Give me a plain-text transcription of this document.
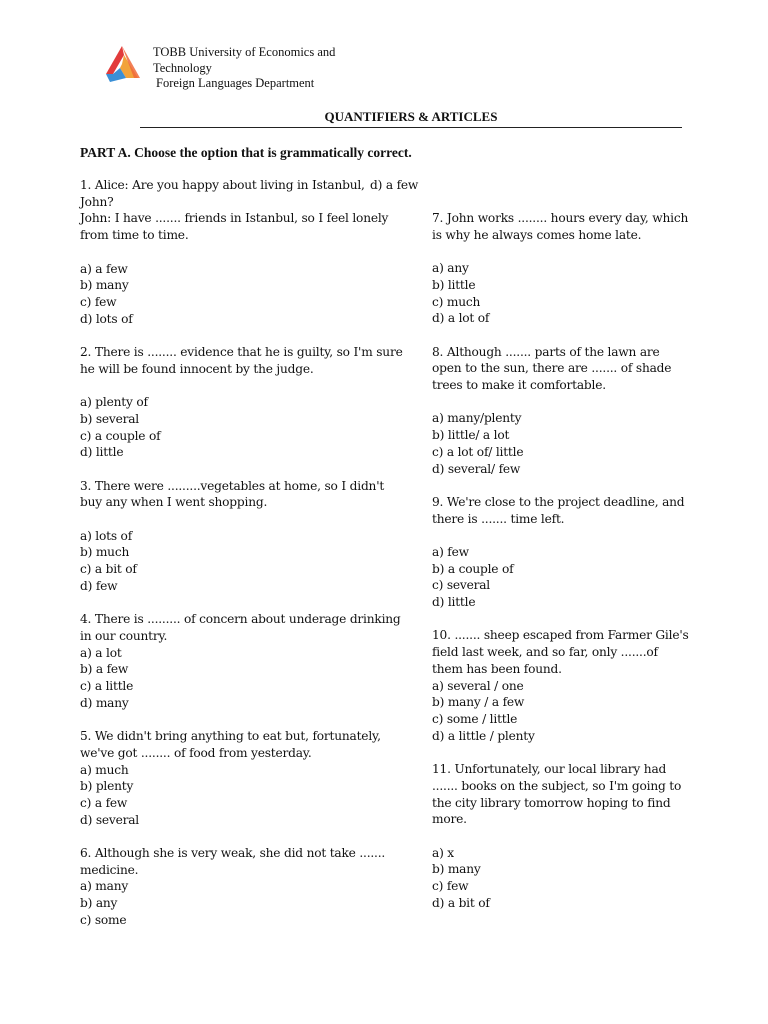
TOBB University of Economics and
Technology
Foreign Languages Department
QUANTIFIERS & ARTICLES
PART A. Choose the option that is grammatically correct.
d) a few
1. Alice: Are you happy about living in Istanbul,
John?
John: I have ....... friends in Istanbul, so I feel lonely
from time to time.
a) a few
b) many
c) few
d) lots of
2. There is ........ evidence that he is guilty, so I'm sure
he will be found innocent by the judge.
a) plenty of
b) several
c) a couple of
d) little
3. There were .........vegetables at home, so I didn't
buy any when I went shopping.
a) lots of
b) much
c) a bit of
d) few
4. There is ......... of concern about underage drinking
in our country.
a) a lot
b) a few
c) a little
d) many
5. We didn't bring anything to eat but, fortunately,
we've got ........ of food from yesterday.
a) much
b) plenty
c) a few
d) several
6. Although she is very weak, she did not take .......
medicine.
a) many
b) any
c) some
7. John works ........ hours every day, which
is why he always comes home late.
a) any
b) little
c) much
d) a lot of
8. Although ....... parts of the lawn are
open to the sun, there are ....... of shade
trees to make it comfortable.
a) many/plenty
b) little/ a lot
c) a lot of/ little
d) several/ few
9. We're close to the project deadline, and
there is ....... time left.
a) few
b) a couple of
c) several
d) little
10. ....... sheep escaped from Farmer Gile's
field last week, and so far, only .......of
them has been found.
a) several / one
b) many / a few
c) some / little
d) a little / plenty
11. Unfortunately, our local library had
....... books on the subject, so I'm going to
the city library tomorrow hoping to find
more.
a) x
b) many
c) few
d) a bit of
